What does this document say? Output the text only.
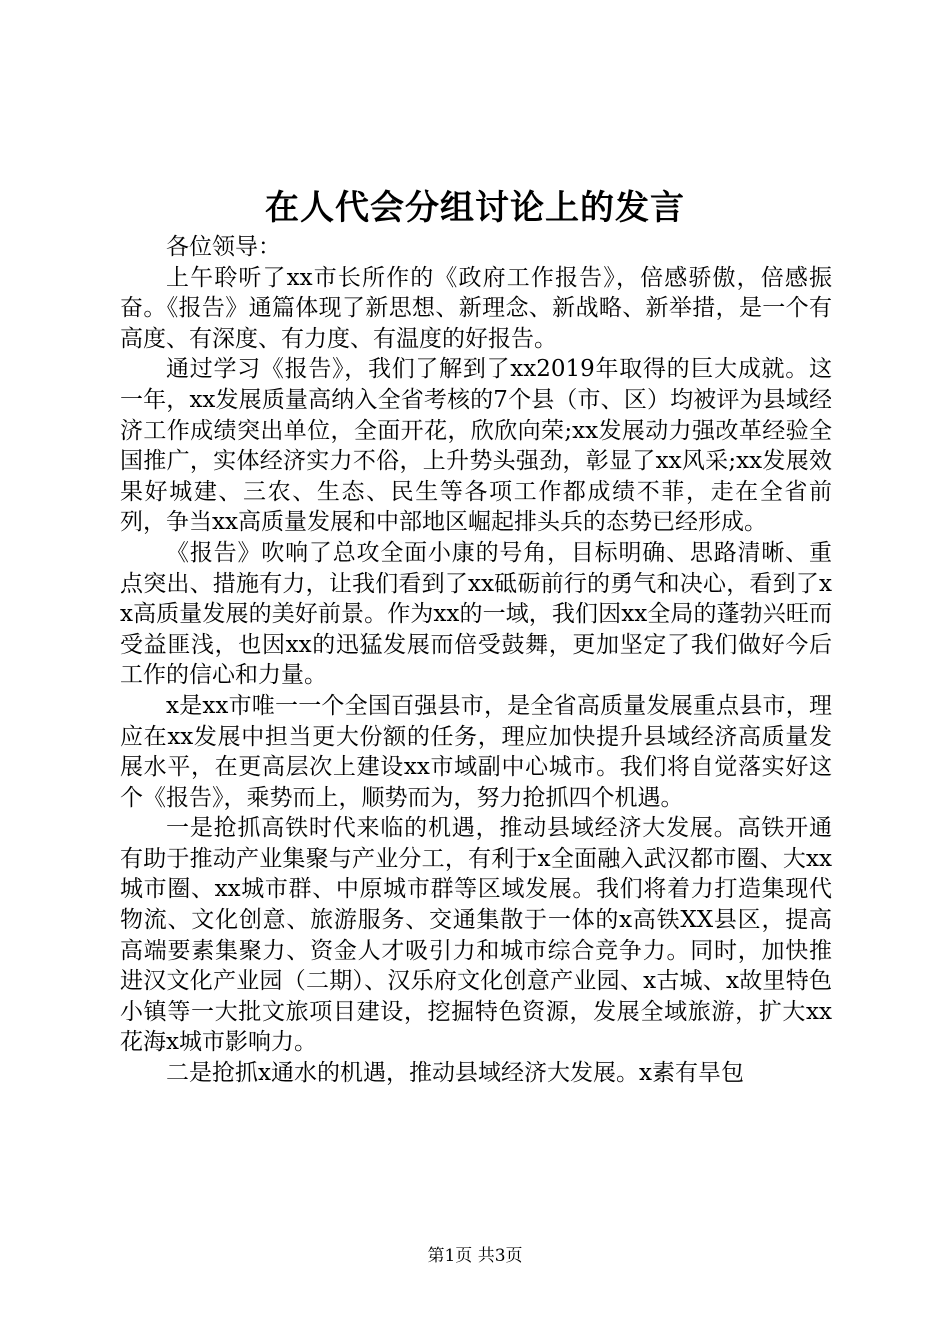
在人代会分组讨论上的发言

各位领导：

上午聆听了xx市长所作的《政府工作报告》，倍感骄傲，倍感振奋。《报告》通篇体现了新思想、新理念、新战略、新举措，是一个有高度、有深度、有力度、有温度的好报告。

通过学习《报告》，我们了解到了xx2019年取得的巨大成就。这一年，xx发展质量高纳入全省考核的7个县（市、区）均被评为县域经济工作成绩突出单位，全面开花，欣欣向荣;xx发展动力强改革经验全国推广，实体经济实力不俗，上升势头强劲，彰显了xx风采;xx发展效果好城建、三农、生态、民生等各项工作都成绩不菲，走在全省前列，争当xx高质量发展和中部地区崛起排头兵的态势已经形成。

《报告》吹响了总攻全面小康的号角，目标明确、思路清晰、重点突出、措施有力，让我们看到了xx砥砺前行的勇气和决心，看到了xx高质量发展的美好前景。作为xx的一域，我们因xx全局的蓬勃兴旺而受益匪浅，也因xx的迅猛发展而倍受鼓舞，更加坚定了我们做好今后工作的信心和力量。

x是xx市唯一一个全国百强县市，是全省高质量发展重点县市，理应在xx发展中担当更大份额的任务，理应加快提升县域经济高质量发展水平，在更高层次上建设xx市域副中心城市。我们将自觉落实好这个《报告》，乘势而上，顺势而为，努力抢抓四个机遇。

一是抢抓高铁时代来临的机遇，推动县域经济大发展。高铁开通有助于推动产业集聚与产业分工，有利于x全面融入武汉都市圈、大xx城市圈、xx城市群、中原城市群等区域发展。我们将着力打造集现代物流、文化创意、旅游服务、交通集散于一体的x高铁XX县区，提高高端要素集聚力、资金人才吸引力和城市综合竞争力。同时，加快推进汉文化产业园（二期）、汉乐府文化创意产业园、x古城、x故里特色小镇等一大批文旅项目建设，挖掘特色资源，发展全域旅游，扩大xx花海x城市影响力。

二是抢抓x通水的机遇，推动县域经济大发展。x素有旱包

第1页 共3页
